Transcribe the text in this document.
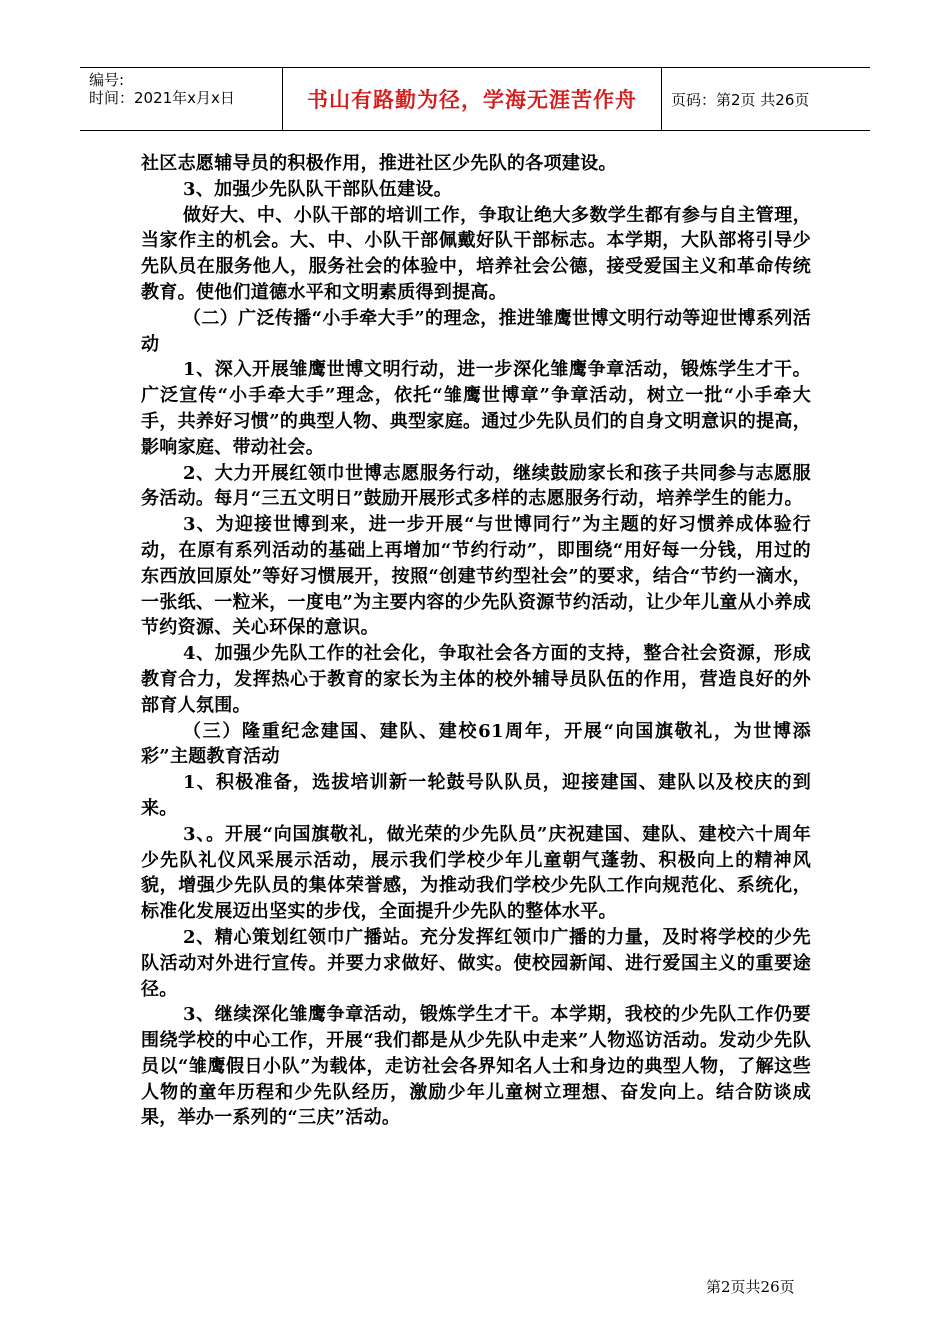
编号:
时间：2021年x月x日	书山有路勤为径，学海无涯苦作舟	页码：第2页 共26页

社区志愿辅导员的积极作用，推进社区少先队的各项建设。

3、加强少先队队干部队伍建设。

做好大、中、小队干部的培训工作，争取让绝大多数学生都有参与自主管理，当家作主的机会。大、中、小队干部佩戴好队干部标志。本学期，大队部将引导少先队员在服务他人，服务社会的体验中，培养社会公德，接受爱国主义和革命传统教育。使他们道德水平和文明素质得到提高。

（二）广泛传播“小手牵大手”的理念，推进雏鹰世博文明行动等迎世博系列活动

1、深入开展雏鹰世博文明行动，进一步深化雏鹰争章活动，锻炼学生才干。广泛宣传“小手牵大手”理念，依托“雏鹰世博章”争章活动，树立一批“小手牵大手，共养好习惯”的典型人物、典型家庭。通过少先队员们的自身文明意识的提高，影响家庭、带动社会。

2、大力开展红领巾世博志愿服务行动，继续鼓励家长和孩子共同参与志愿服务活动。每月“三五文明日”鼓励开展形式多样的志愿服务行动，培养学生的能力。

3、为迎接世博到来，进一步开展“与世博同行”为主题的好习惯养成体验行动，在原有系列活动的基础上再增加“节约行动”，即围绕“用好每一分钱，用过的东西放回原处”等好习惯展开，按照“创建节约型社会”的要求，结合“节约一滴水，一张纸、一粒米，一度电”为主要内容的少先队资源节约活动，让少年儿童从小养成节约资源、关心环保的意识。

4、加强少先队工作的社会化，争取社会各方面的支持，整合社会资源，形成教育合力，发挥热心于教育的家长为主体的校外辅导员队伍的作用，营造良好的外部育人氛围。

（三）隆重纪念建国、建队、建校61周年，开展“向国旗敬礼，为世博添彩”主题教育活动

1、积极准备，选拔培训新一轮鼓号队队员，迎接建国、建队以及校庆的到来。

3、。开展“向国旗敬礼，做光荣的少先队员”庆祝建国、建队、建校六十周年少先队礼仪风采展示活动，展示我们学校少年儿童朝气蓬勃、积极向上的精神风貌，增强少先队员的集体荣誉感，为推动我们学校少先队工作向规范化、系统化，标准化发展迈出坚实的步伐，全面提升少先队的整体水平。

2、精心策划红领巾广播站。充分发挥红领巾广播的力量，及时将学校的少先队活动对外进行宣传。并要力求做好、做实。使校园新闻、进行爱国主义的重要途径。

3、继续深化雏鹰争章活动，锻炼学生才干。本学期，我校的少先队工作仍要围绕学校的中心工作，开展“我们都是从少先队中走来”人物巡访活动。发动少先队员以“雏鹰假日小队”为载体，走访社会各界知名人士和身边的典型人物，了解这些人物的童年历程和少先队经历，激励少年儿童树立理想、奋发向上。结合防谈成果，举办一系列的“三庆”活动。

第2页共26页
